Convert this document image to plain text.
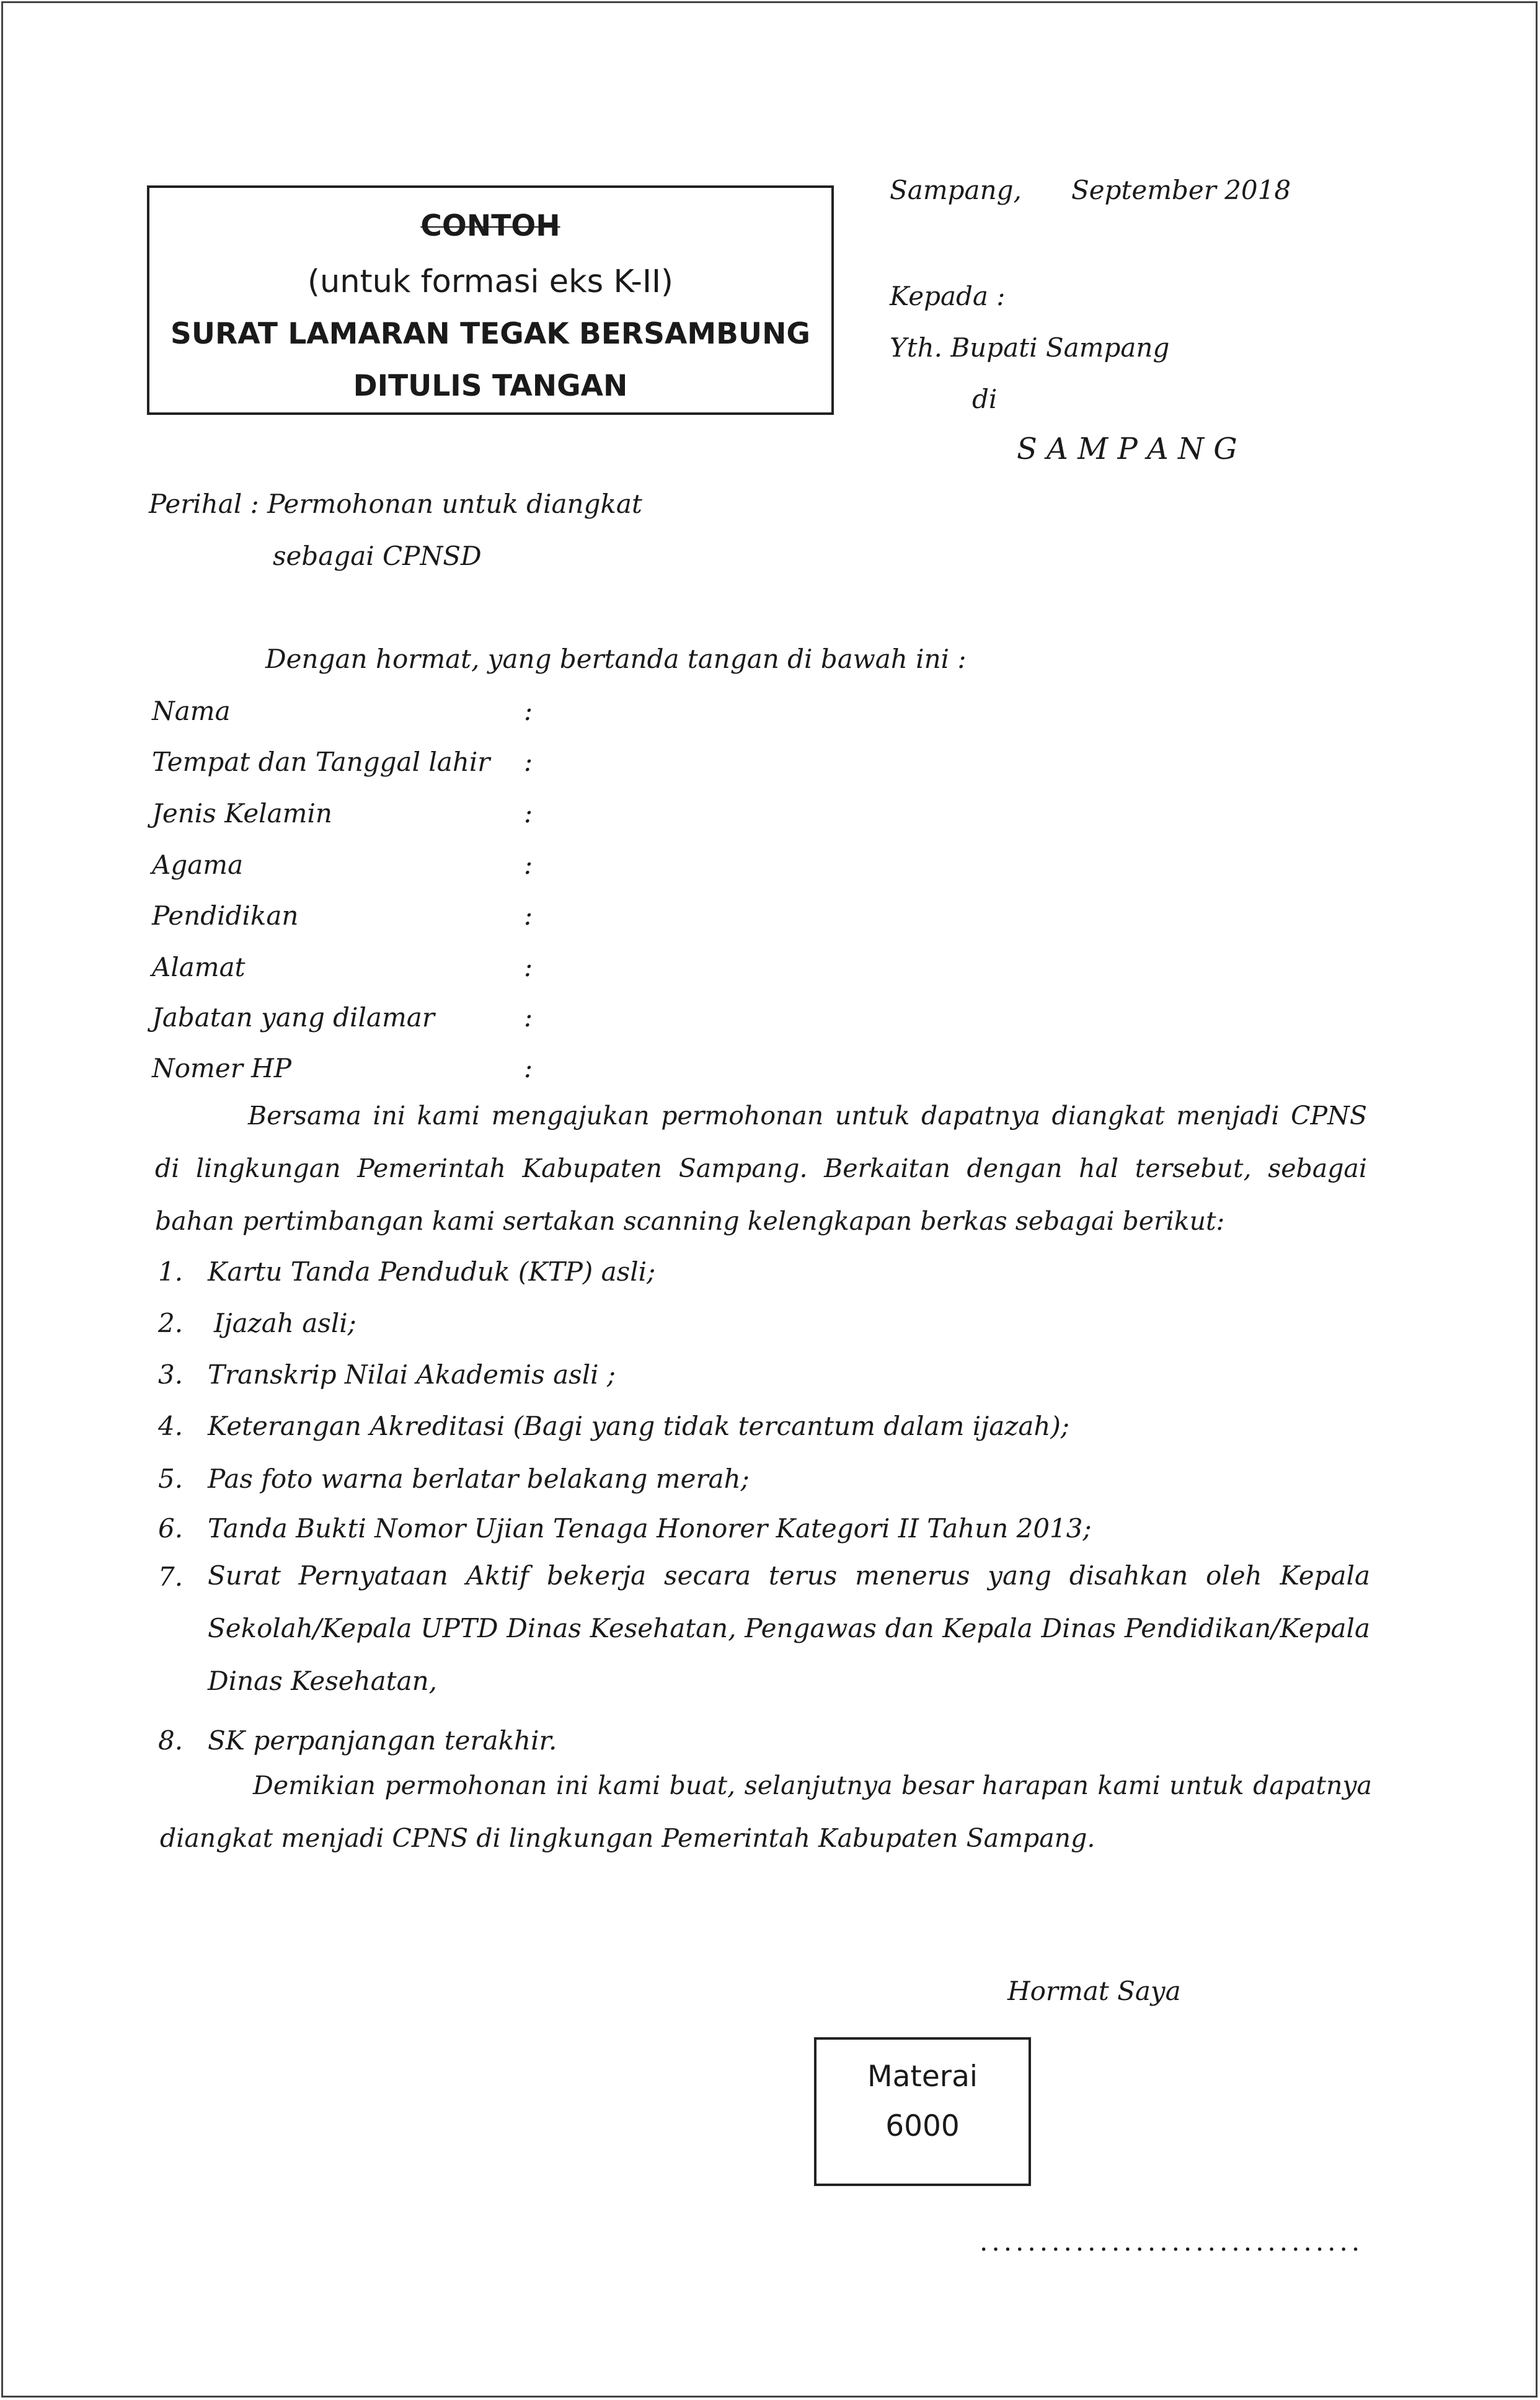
CONTOH
(untuk formasi eks K-II)
SURAT LAMARAN TEGAK BERSAMBUNG
DITULIS TANGAN
Sampang,      September 2018
Kepada :
Yth. Bupati Sampang
di
S A M P A N G
Perihal : Permohonan untuk diangkat
sebagai CPNSD
Dengan hormat, yang bertanda tangan di bawah ini :
Nama	:
Tempat dan Tanggal lahir :
Jenis Kelamin	:
Agama	:
Pendidikan	:
Alamat	:
Jabatan yang dilamar	:
Nomer HP	:
Bersama ini kami mengajukan permohonan untuk dapatnya diangkat menjadi CPNS di lingkungan Pemerintah Kabupaten Sampang. Berkaitan dengan hal tersebut, sebagai bahan pertimbangan kami sertakan scanning kelengkapan berkas sebagai berikut:
1. Kartu Tanda Penduduk (KTP) asli;
2. Ijazah asli;
3. Transkrip Nilai Akademis asli ;
4. Keterangan Akreditasi (Bagi yang tidak tercantum dalam ijazah);
5. Pas foto warna berlatar belakang merah;
6. Tanda Bukti Nomor Ujian Tenaga Honorer Kategori II Tahun 2013;
7. Surat Pernyataan Aktif bekerja secara terus menerus yang disahkan oleh Kepala Sekolah/Kepala UPTD Dinas Kesehatan, Pengawas dan Kepala Dinas Pendidikan/Kepala Dinas Kesehatan,
8. SK perpanjangan terakhir.
Demikian permohonan ini kami buat, selanjutnya besar harapan kami untuk dapatnya diangkat menjadi CPNS di lingkungan Pemerintah Kabupaten Sampang.
Hormat Saya
Materai
6000
................................
